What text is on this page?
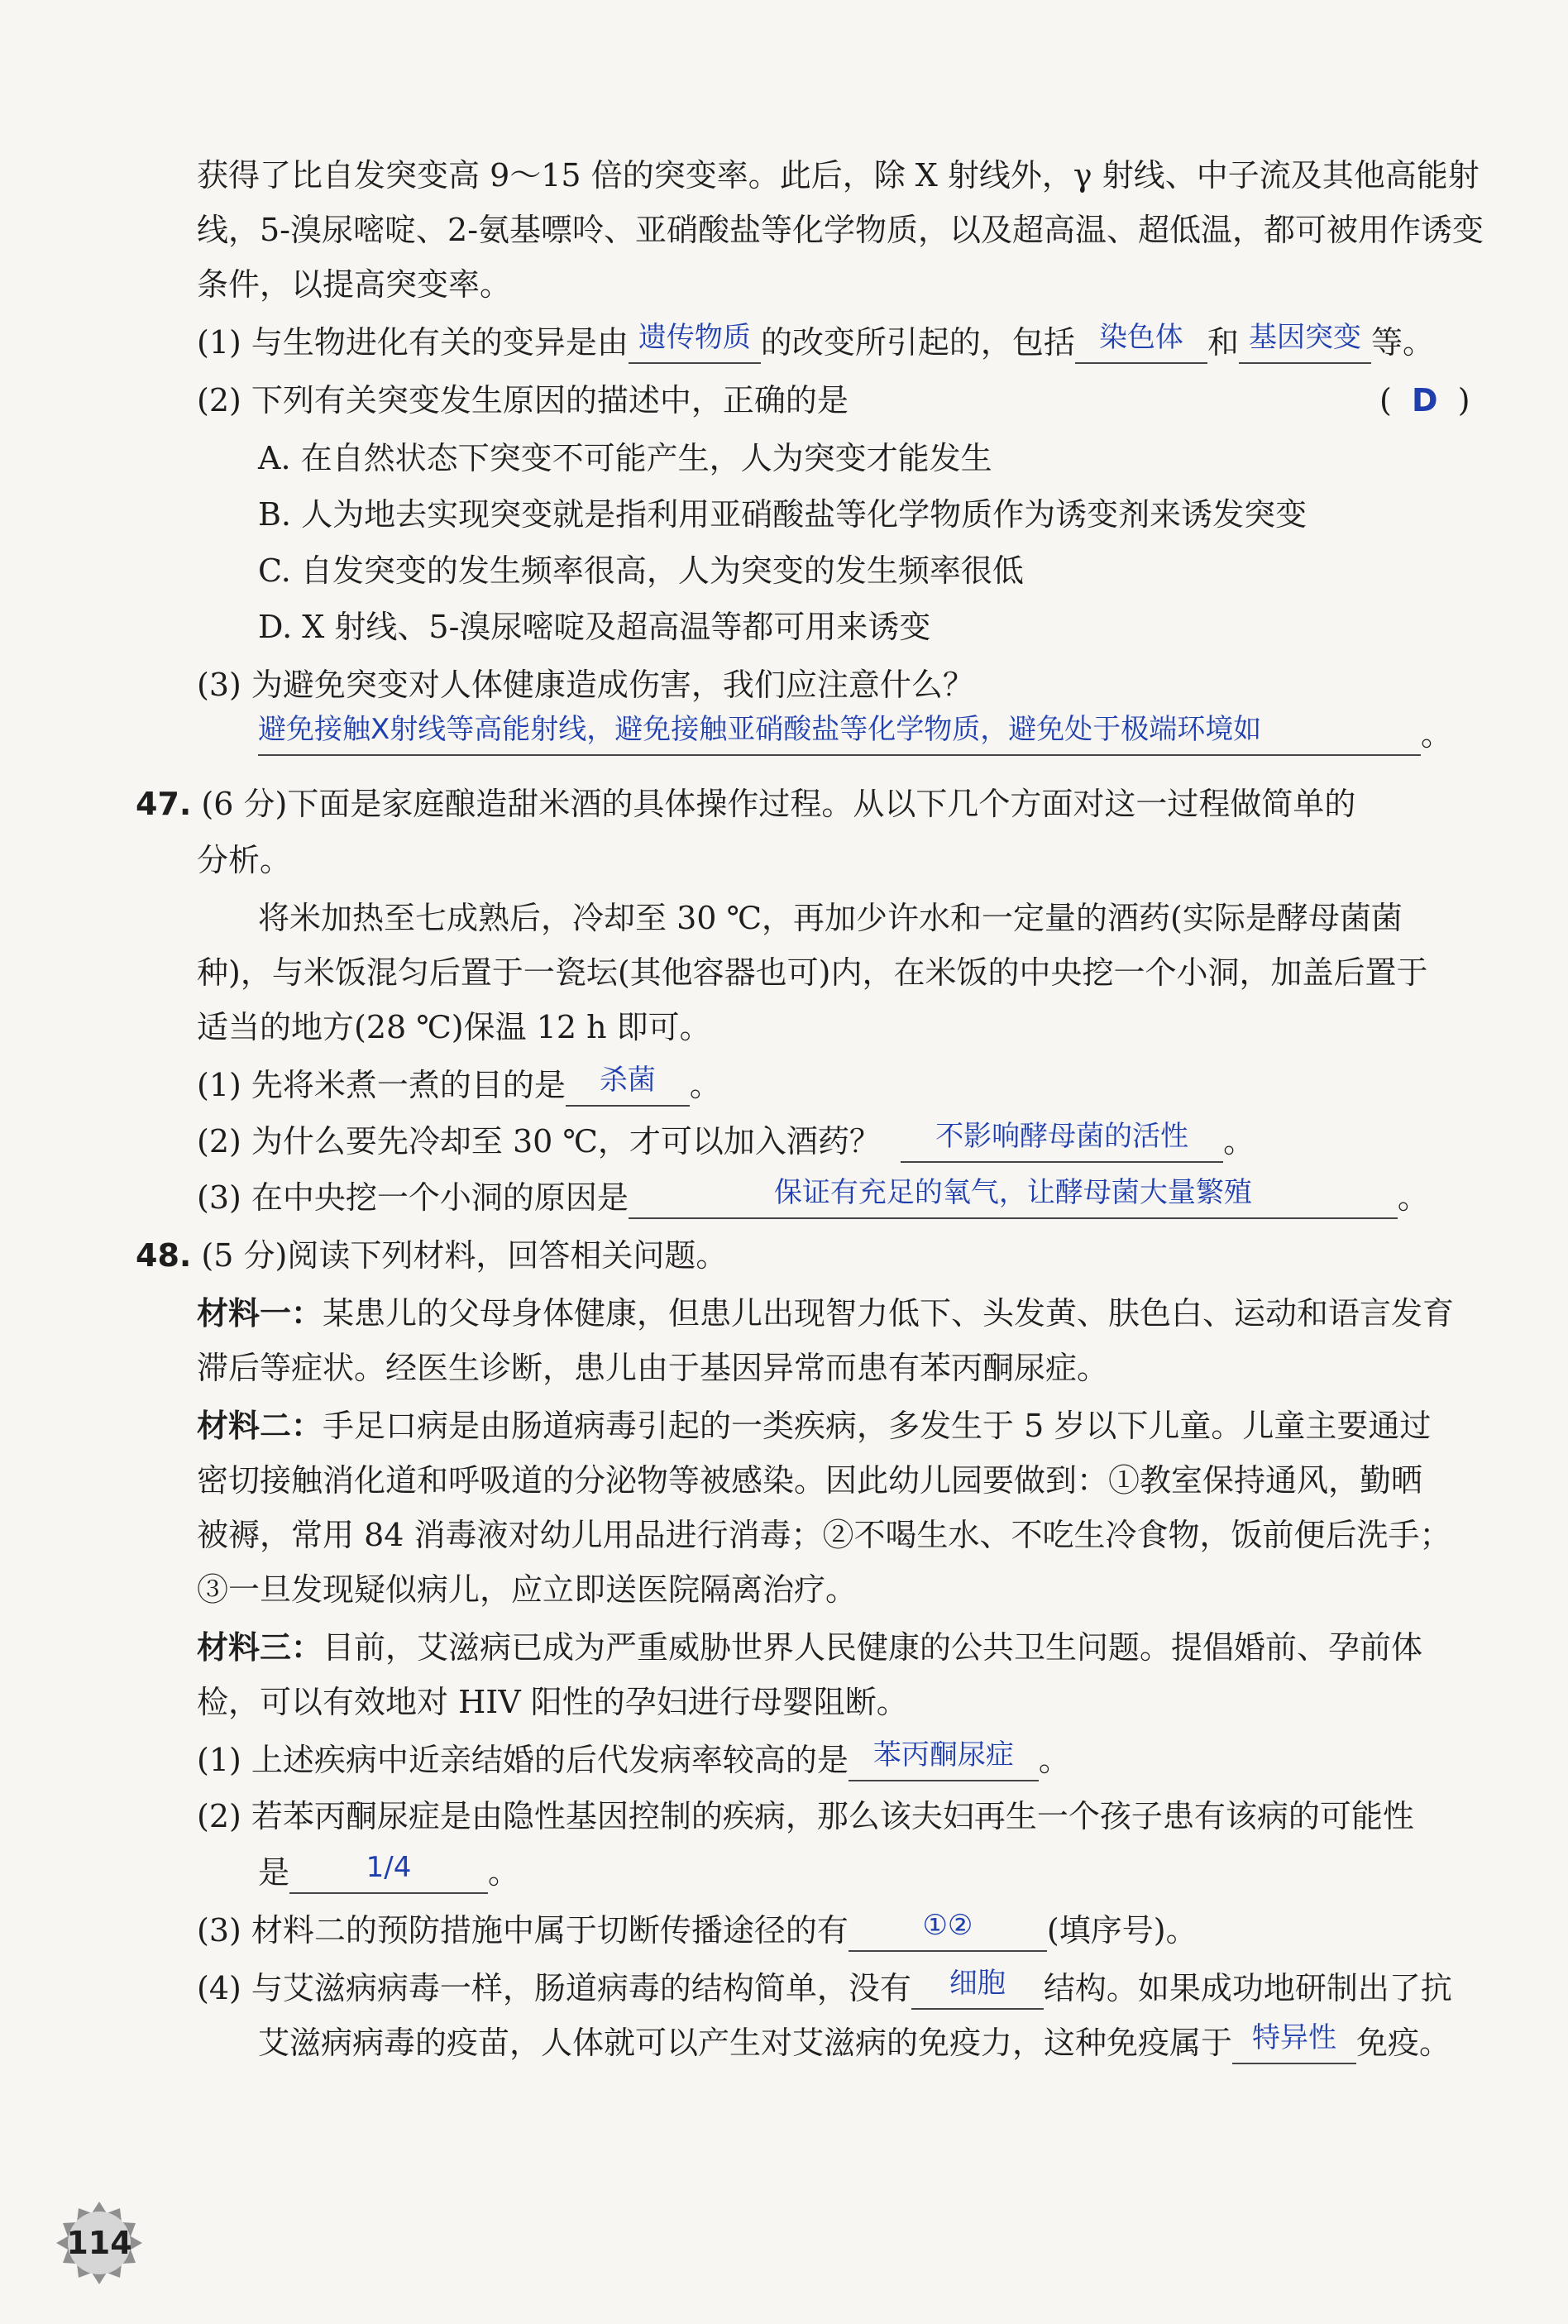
获得了比自发突变高 9～15 倍的突变率。此后，除 X 射线外，γ 射线、中子流及其他高能射
线，5-溴尿嘧啶、2-氨基嘌呤、亚硝酸盐等化学物质，以及超高温、超低温，都可被用作诱变
条件，以提高突变率。
(1) 与生物进化有关的变异是由 遗传物质 的改变所引起的，包括 染色体 和 基因突变 等。
(2) 下列有关突变发生原因的描述中，正确的是	( D )
A. 在自然状态下突变不可能产生，人为突变才能发生
B. 人为地去实现突变就是指利用亚硝酸盐等化学物质作为诱变剂来诱发突变
C. 自发突变的发生频率很高，人为突变的发生频率很低
D. X 射线、5-溴尿嘧啶及超高温等都可用来诱变
(3) 为避免突变对人体健康造成伤害，我们应注意什么？
避免接触X射线等高能射线，避免接触亚硝酸盐等化学物质，避免处于极端环境如	。
47. (6 分)下面是家庭酿造甜米酒的具体操作过程。从以下几个方面对这一过程做简单的
分析。
将米加热至七成熟后，冷却至 30 ℃，再加少许水和一定量的酒药(实际是酵母菌菌
种)，与米饭混匀后置于一瓷坛(其他容器也可)内，在米饭的中央挖一个小洞，加盖后置于
适当的地方(28 ℃)保温 12 h 即可。
(1) 先将米煮一煮的目的是 杀菌 。
(2) 为什么要先冷却至 30 ℃，才可以加入酒药？ 不影响酵母菌的活性 。
(3) 在中央挖一个小洞的原因是	保证有充足的氧气，让酵母菌大量繁殖	。
48. (5 分)阅读下列材料，回答相关问题。
材料一：某患儿的父母身体健康，但患儿出现智力低下、头发黄、肤色白、运动和语言发育
滞后等症状。经医生诊断，患儿由于基因异常而患有苯丙酮尿症。
材料二：手足口病是由肠道病毒引起的一类疾病，多发生于 5 岁以下儿童。儿童主要通过
密切接触消化道和呼吸道的分泌物等被感染。因此幼儿园要做到：①教室保持通风，勤晒
被褥，常用 84 消毒液对幼儿用品进行消毒；②不喝生水、不吃生冷食物，饭前便后洗手；
③一旦发现疑似病儿，应立即送医院隔离治疗。
材料三：目前，艾滋病已成为严重威胁世界人民健康的公共卫生问题。提倡婚前、孕前体
检，可以有效地对 HIV 阳性的孕妇进行母婴阻断。
(1) 上述疾病中近亲结婚的后代发病率较高的是 苯丙酮尿症 。
(2) 若苯丙酮尿症是由隐性基因控制的疾病，那么该夫妇再生一个孩子患有该病的可能性
是	1/4 。
(3) 材料二的预防措施中属于切断传播途径的有	①② (填序号)。
(4) 与艾滋病病毒一样，肠道病毒的结构简单，没有 细胞 结构。如果成功地研制出了抗
艾滋病病毒的疫苗，人体就可以产生对艾滋病的免疫力，这种免疫属于 特异性 免疫。
114
